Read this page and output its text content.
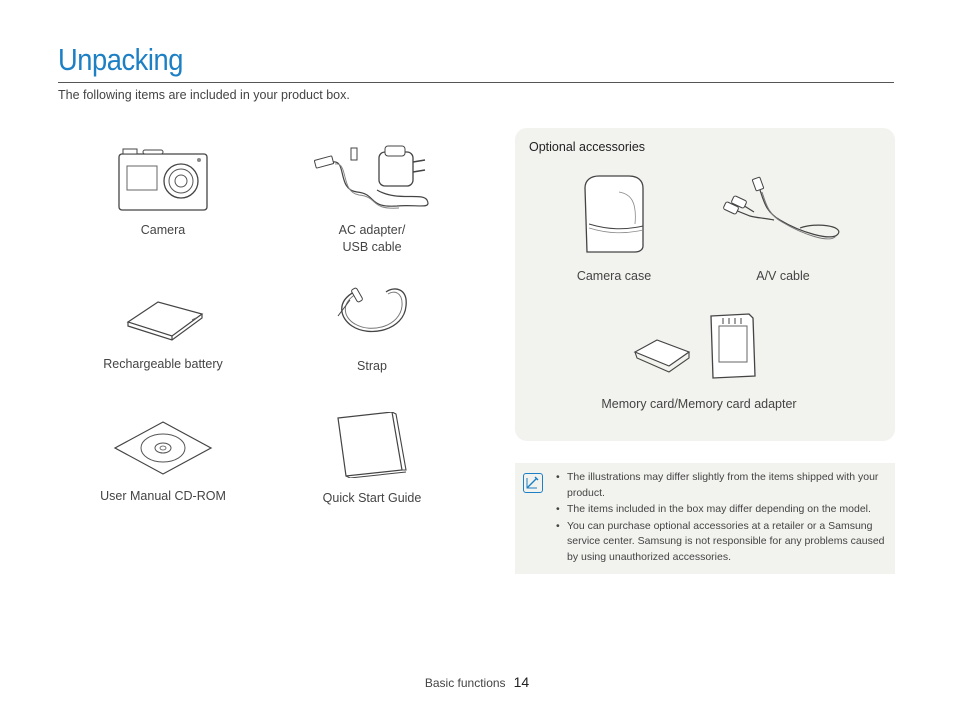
Unpacking
The following items are included in your product box.
Camera	AC adapter/
USB cable
Rechargeable battery	Strap
User Manual CD-ROM	Quick Start Guide
Optional accessories
Camera case	A/V cable
Memory card/Memory card adapter
• The illustrations may differ slightly from the items shipped with your product.
• The items included in the box may differ depending on the model.
• You can purchase optional accessories at a retailer or a Samsung service center. Samsung is not responsible for any problems caused by using unauthorized accessories.
Basic functions 14
